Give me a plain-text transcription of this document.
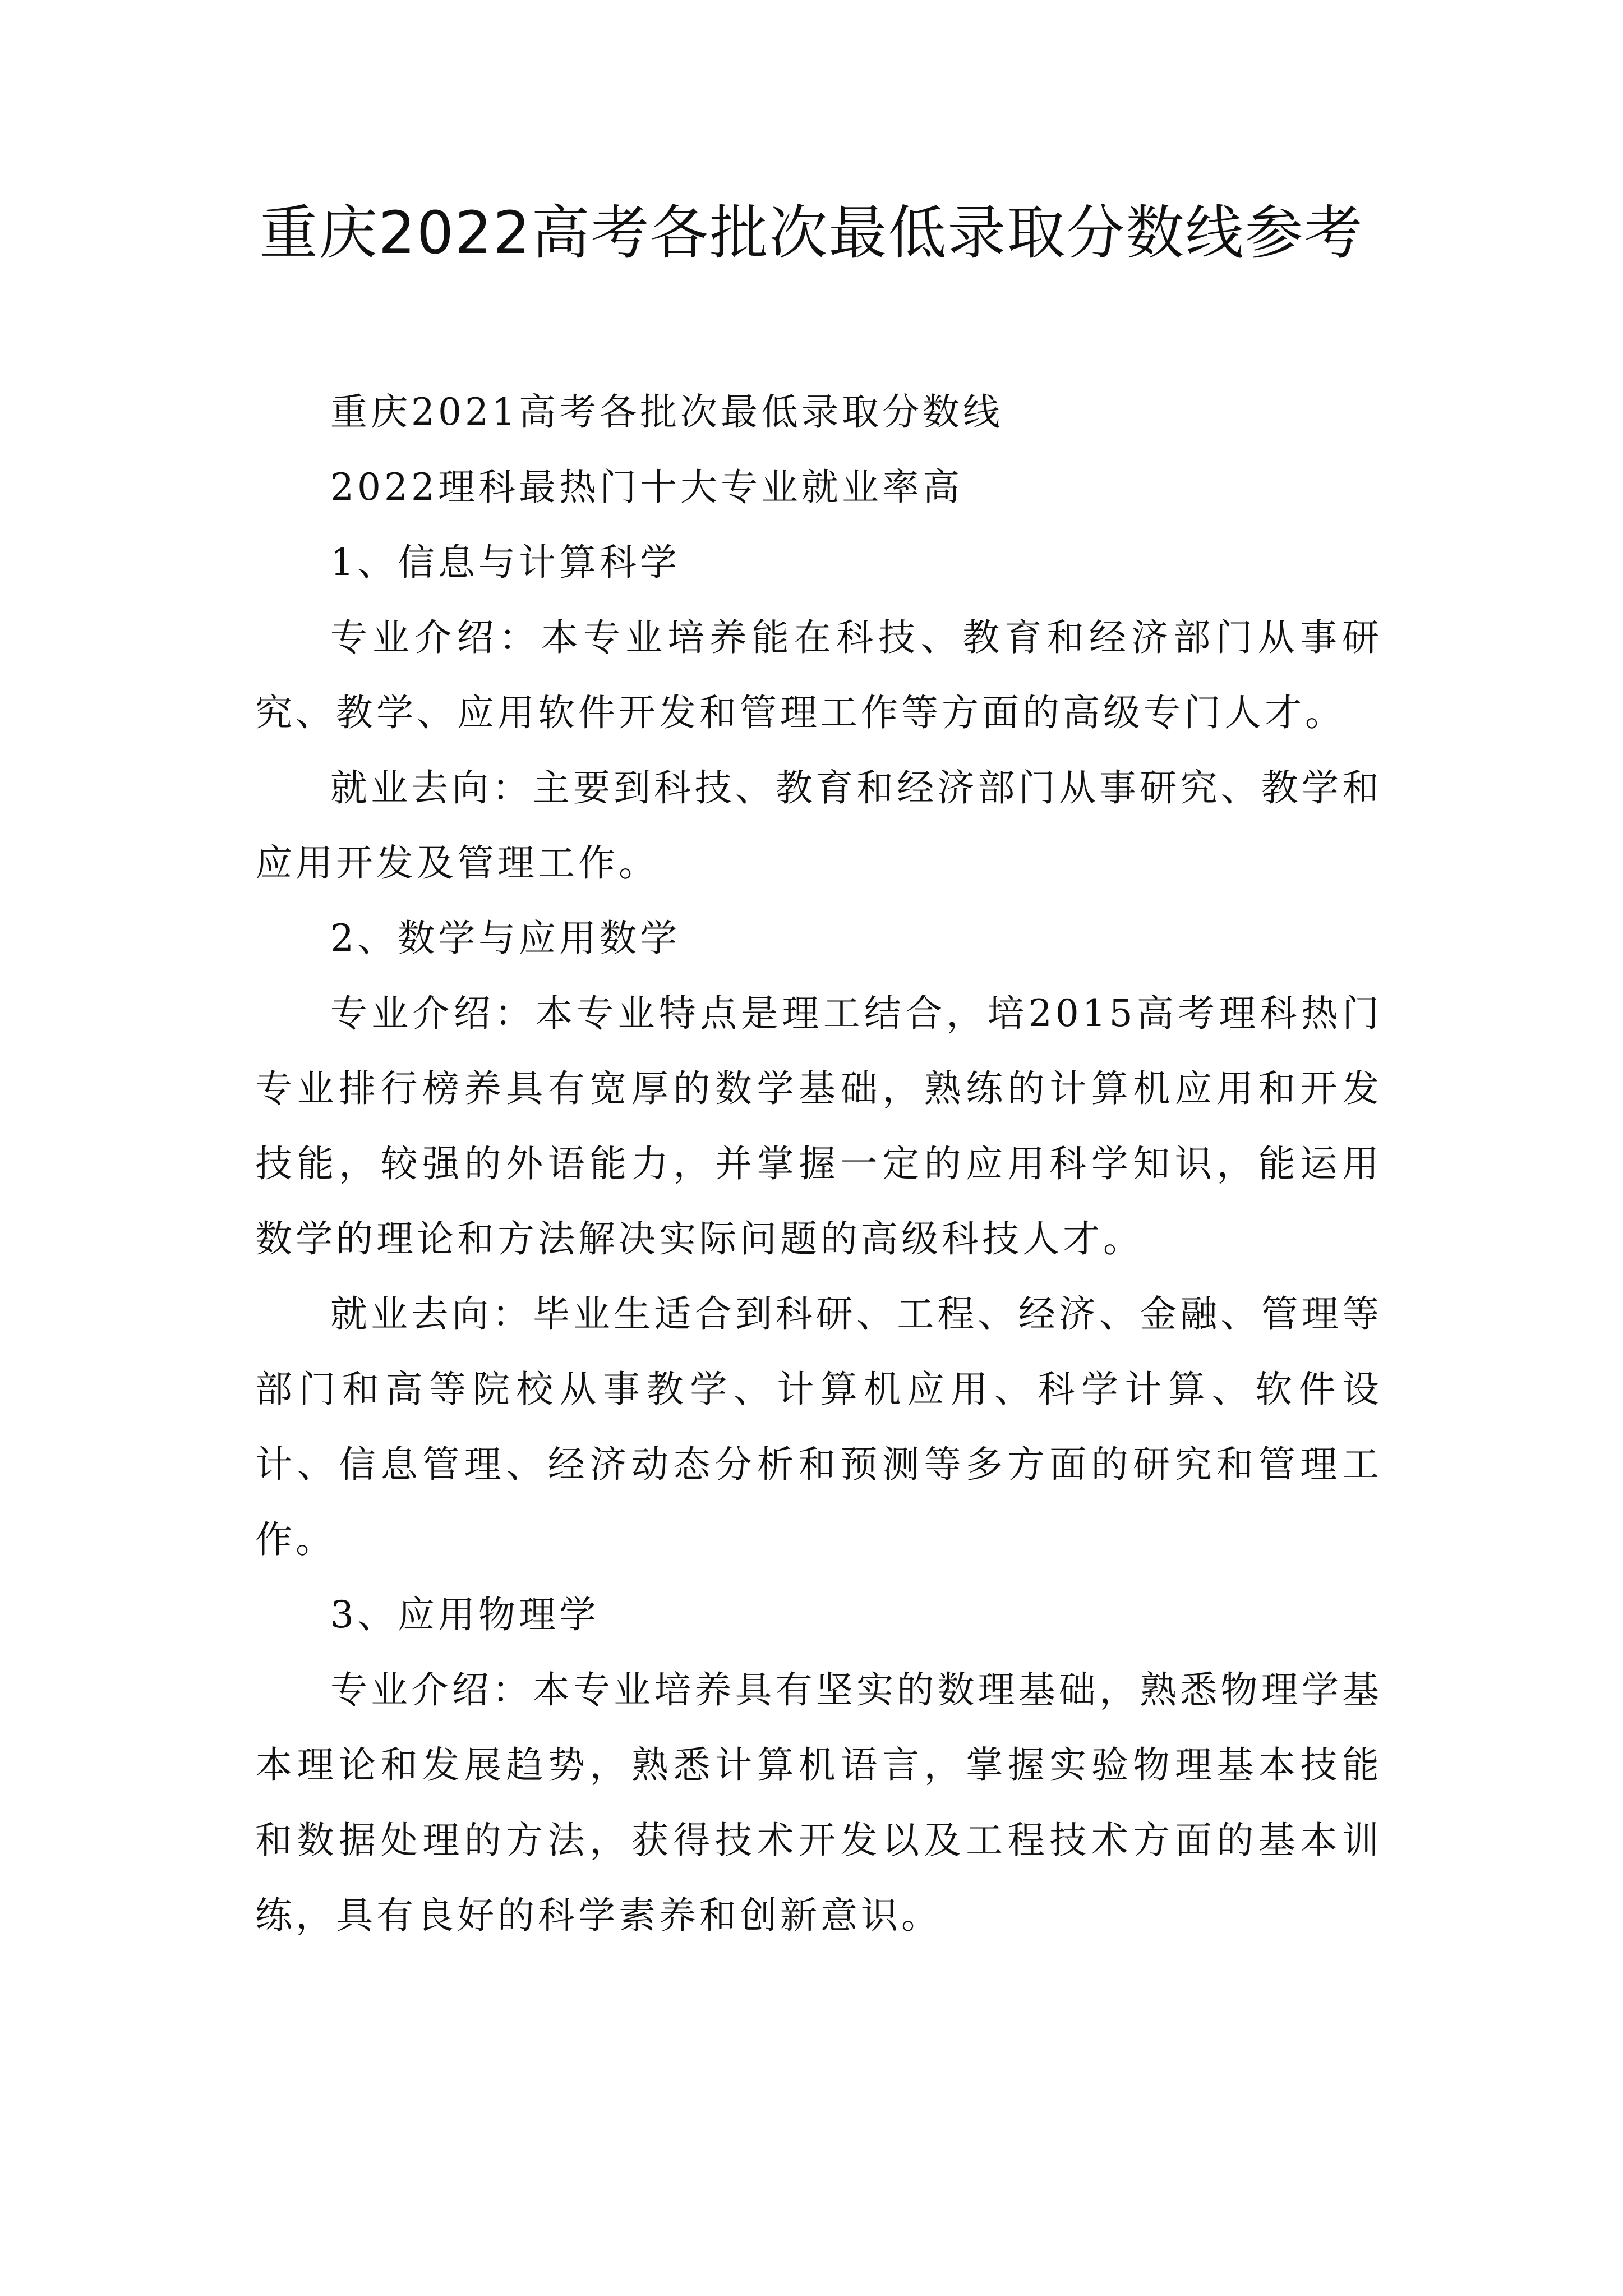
重庆2022高考各批次最低录取分数线参考

重庆2021高考各批次最低录取分数线

2022理科最热门十大专业就业率高

1、信息与计算科学

专业介绍：本专业培养能在科技、教育和经济部门从事研究、教学、应用软件开发和管理工作等方面的高级专门人才。

就业去向：主要到科技、教育和经济部门从事研究、教学和应用开发及管理工作。

2、数学与应用数学

专业介绍：本专业特点是理工结合，培2015高考理科热门专业排行榜养具有宽厚的数学基础，熟练的计算机应用和开发技能，较强的外语能力，并掌握一定的应用科学知识，能运用数学的理论和方法解决实际问题的高级科技人才。

就业去向：毕业生适合到科研、工程、经济、金融、管理等部门和高等院校从事教学、计算机应用、科学计算、软件设计、信息管理、经济动态分析和预测等多方面的研究和管理工作。

3、应用物理学

专业介绍：本专业培养具有坚实的数理基础，熟悉物理学基本理论和发展趋势，熟悉计算机语言，掌握实验物理基本技能和数据处理的方法，获得技术开发以及工程技术方面的基本训练，具有良好的科学素养和创新意识。
